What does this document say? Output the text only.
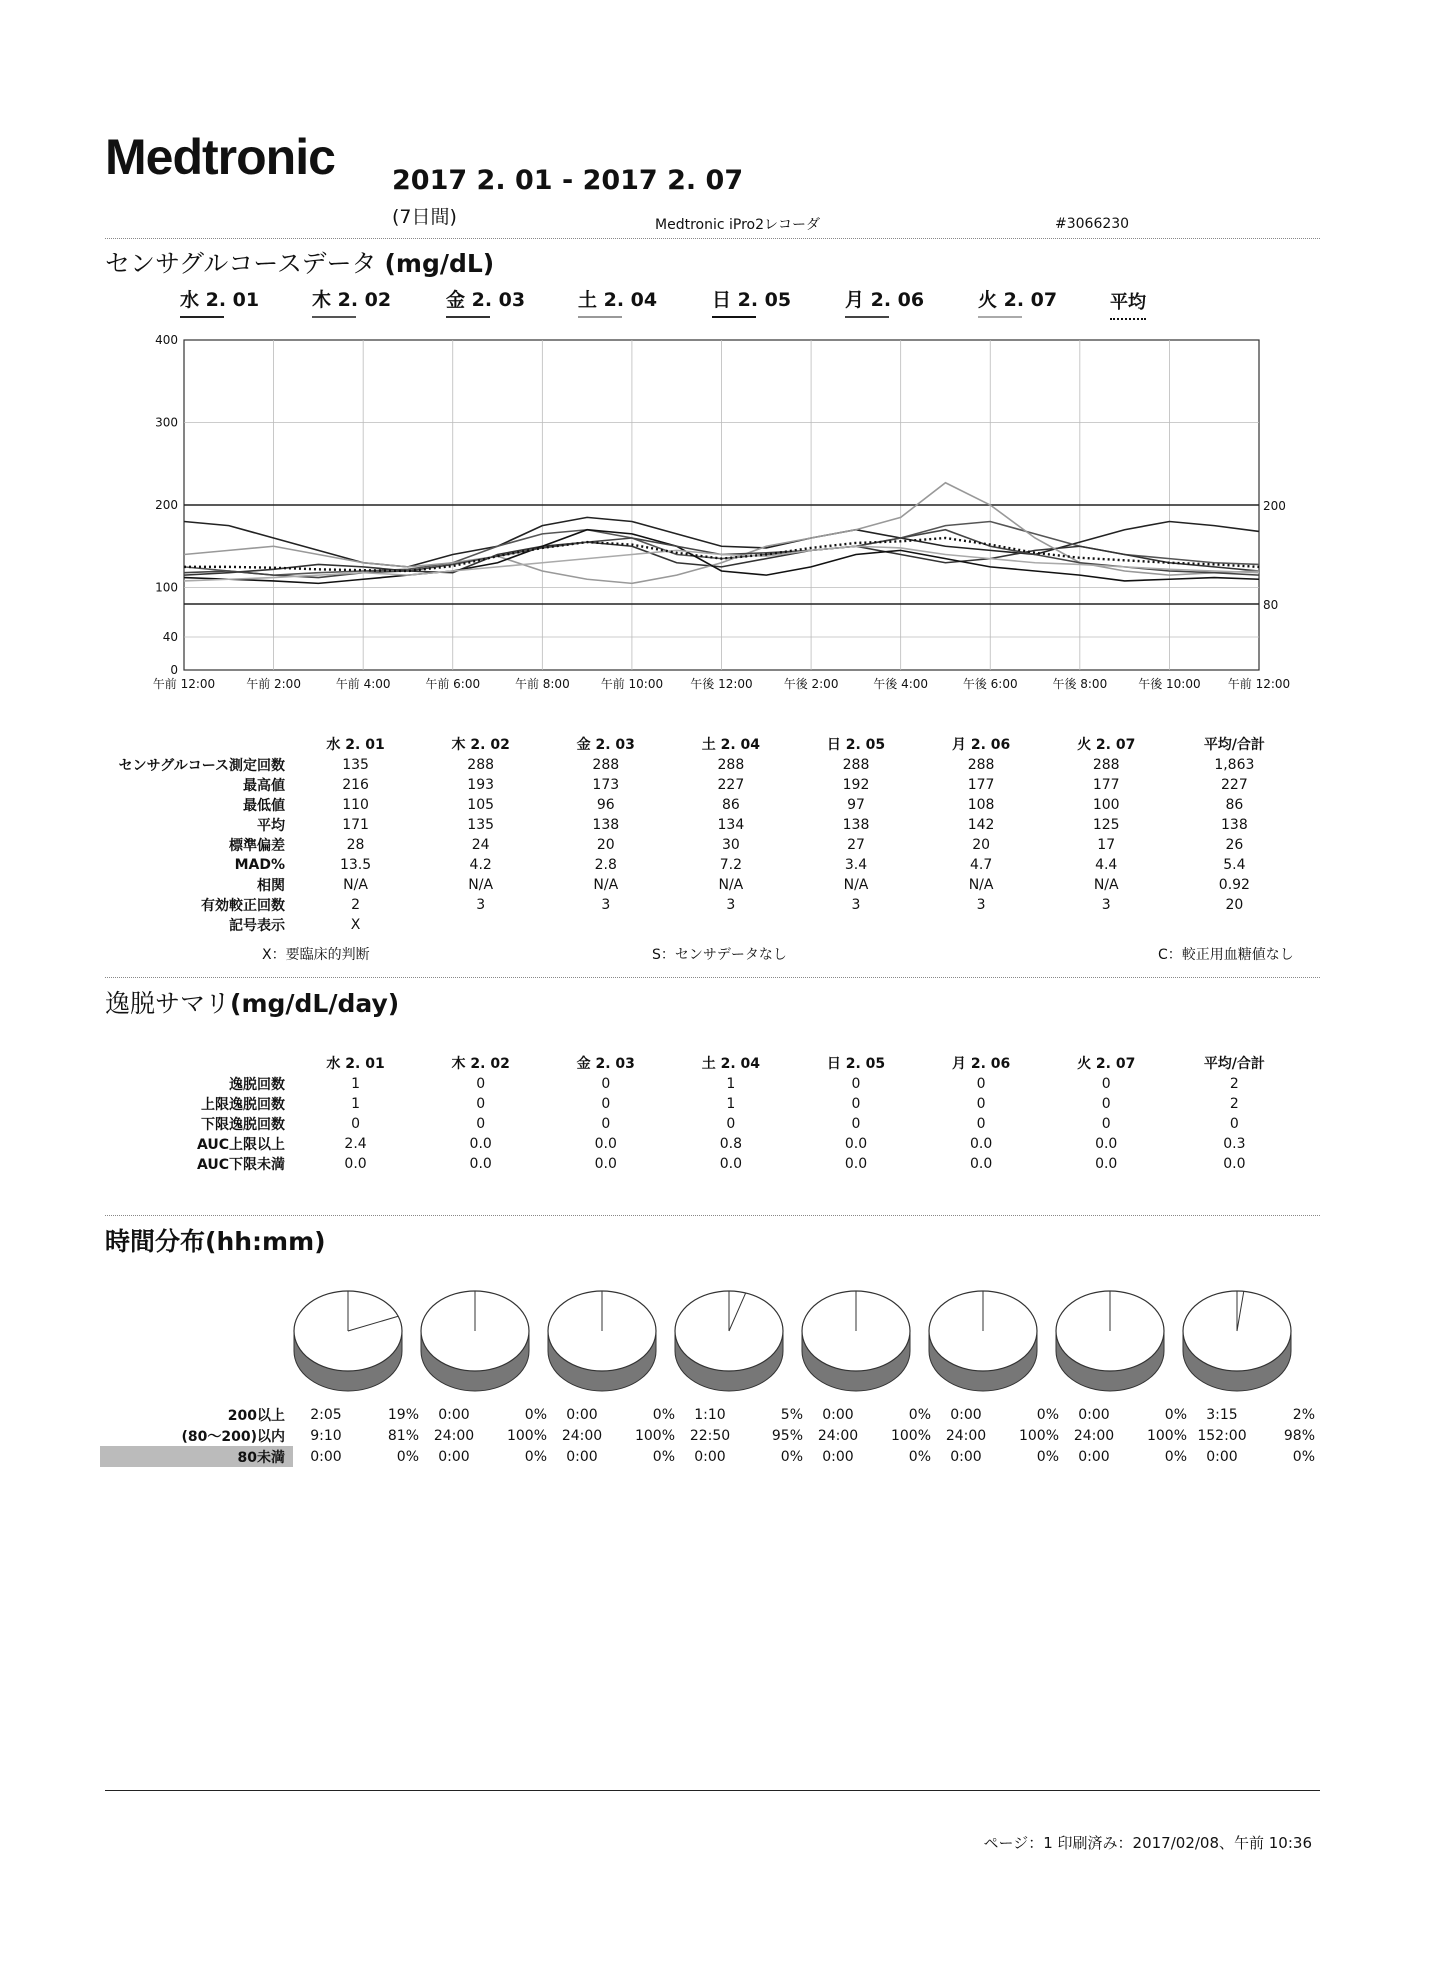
Medtronic 2017 2. 01 - 2017 2. 07
(7日間)	Medtronic iPro2レコーダ	#3066230
センサグルコースデータ (mg/dL)
水 2. 01	木 2. 02	金 2. 03	土 2. 04	日 2. 05	月 2. 06	火 2. 07	平均
午前 12:00	午前 2:00	午前 4:00	午前 6:00	午前 8:00	午前 10:00 午後 12:00	午後 2:00	午後 4:00	午後 6:00	午後 8:00	午後 10:00 午前 12:00
0
40
100
200
300
400
200
80
	水 2. 01	木 2. 02	金 2. 03	土 2. 04	日 2. 05	月 2. 06	火 2. 07	平均/合計
センサグルコース測定回数	135	288	288	288	288	288	288	1,863
最高値	216	193	173	227	192	177	177	227
最低値	110	105	96	86	97	108	100	86
平均	171	135	138	134	138	142	125	138
標準偏差	28	24	20	30	27	20	17	26
MAD%	13.5	4.2	2.8	7.2	3.4	4.7	4.4	5.4
相関	N/A	N/A	N/A	N/A	N/A	N/A	N/A	0.92
有効較正回数	2	3	3	3	3	3	3	20
記号表示	X							
X：要臨床的判断	S：センサデータなし	C：較正用血糖値なし
逸脱サマリ(mg/dL/day)
	水 2. 01	木 2. 02	金 2. 03	土 2. 04	日 2. 05	月 2. 06	火 2. 07	平均/合計
逸脱回数	1	0	0	1	0	0	0	2
上限逸脱回数	1	0	0	1	0	0	0	2
下限逸脱回数	0	0	0	0	0	0	0	0
AUC上限以上	2.4	0.0	0.0	0.8	0.0	0.0	0.0	0.3
AUC下限未満	0.0	0.0	0.0	0.0	0.0	0.0	0.0	0.0
時間分布(hh:mm)
200以上	2:05	19%	0:00	0%	0:00	0%	1:10	5%	0:00	0%	0:00	0%	0:00	0%	3:15	2%
(80～200)以内	9:10	81%	24:00	100%	24:00	100%	22:50	95%	24:00	100%	24:00	100%	24:00	100%	152:00	98%
80未満	0:00	0%	0:00	0%	0:00	0%	0:00	0%	0:00	0%	0:00	0%	0:00	0%	0:00	0%
ページ：1 印刷済み：2017/02/08、午前 10:36
